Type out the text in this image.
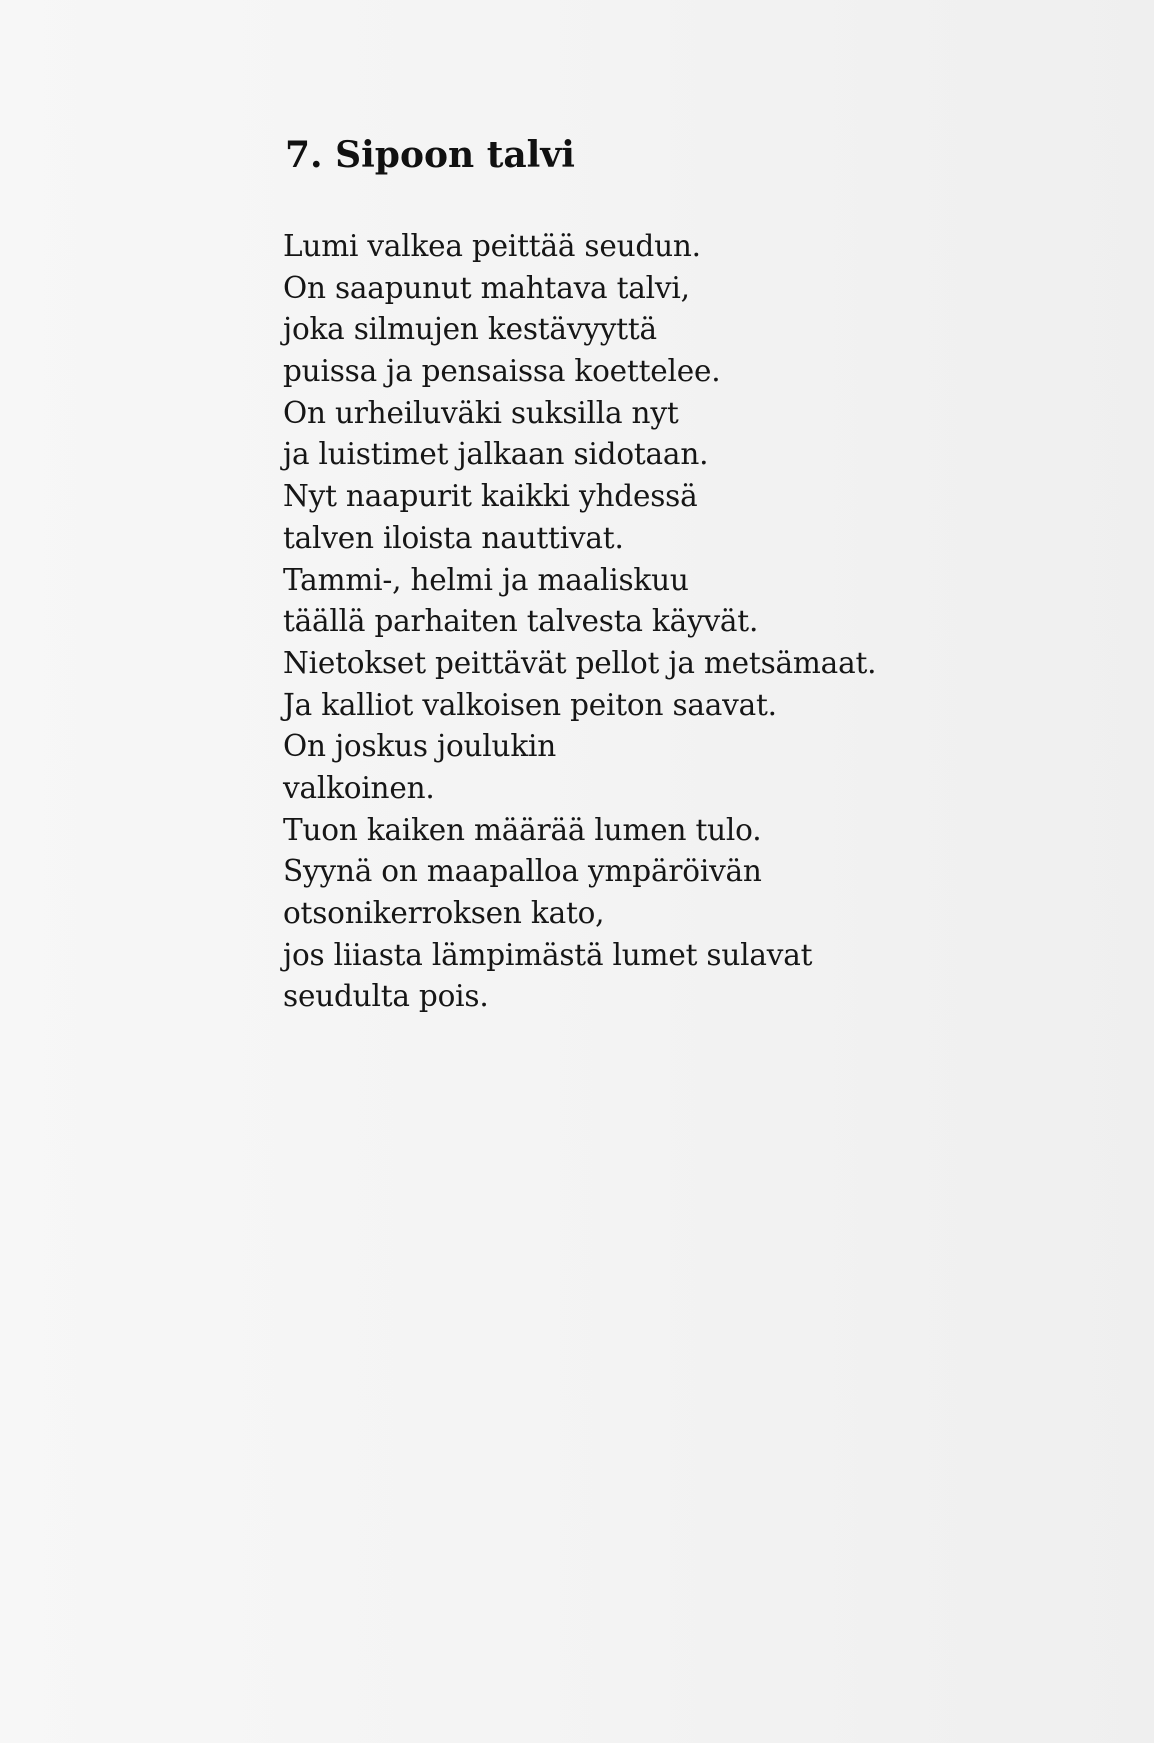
7. Sipoon talvi
Lumi valkea peittää seudun.
On saapunut mahtava talvi,
joka silmujen kestävyyttä
puissa ja pensaissa koettelee.
On urheiluväki suksilla nyt
ja luistimet jalkaan sidotaan.
Nyt naapurit kaikki yhdessä
talven iloista nauttivat.
Tammi-, helmi ja maaliskuu
täällä parhaiten talvesta käyvät.
Nietokset peittävät pellot ja metsämaat.
Ja kalliot valkoisen peiton saavat.
On joskus joulukin
valkoinen.
Tuon kaiken määrää lumen tulo.
Syynä on maapalloa ympäröivän
otsonikerroksen kato,
jos liiasta lämpimästä lumet sulavat
seudulta pois.
